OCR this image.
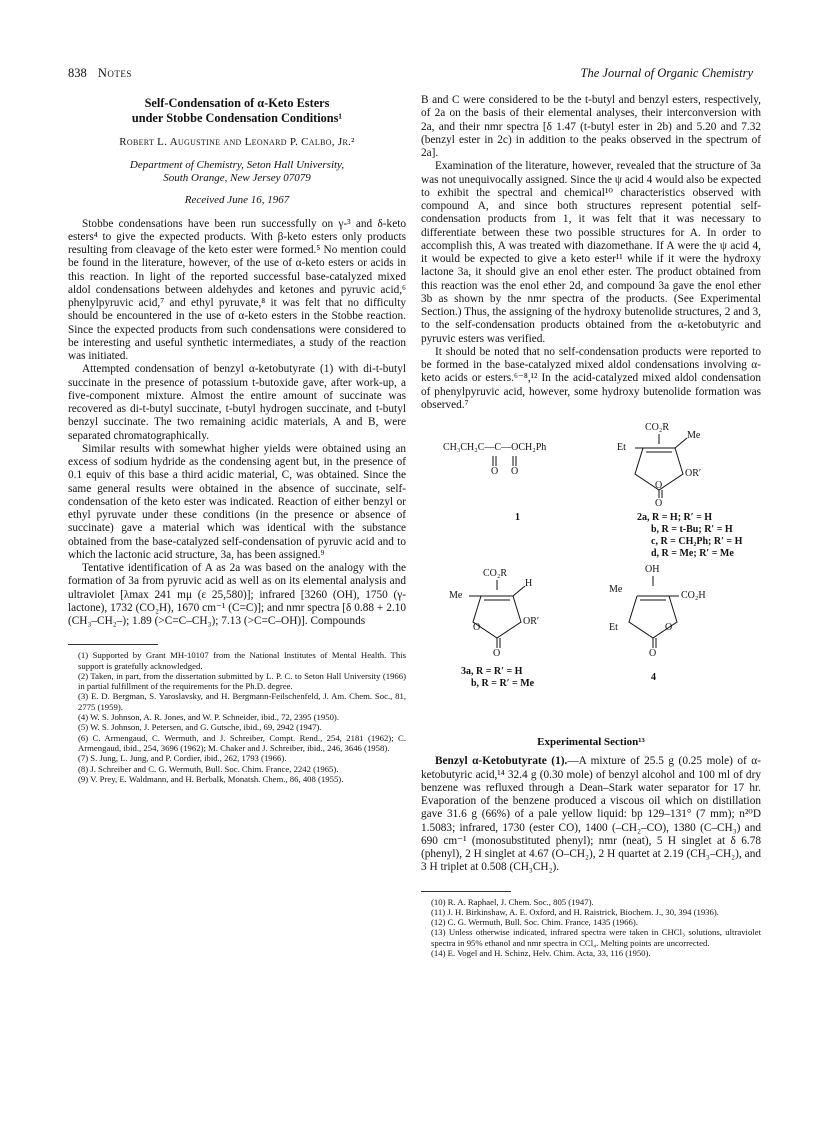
838 Notes	The Journal of Organic Chemistry
Self-Condensation of α-Keto Esters
under Stobbe Condensation Conditions¹
Robert L. Augustine and Leonard P. Calbo, Jr.²
Department of Chemistry, Seton Hall University,
South Orange, New Jersey 07079
Received June 16, 1967

Stobbe condensations have been run successfully on γ-³ and δ-keto esters⁴ to give the expected products. With β-keto esters only products resulting from cleavage of the keto ester were formed.⁵ No mention could be found in the literature, however, of the use of α-keto esters or acids in this reaction. In light of the reported successful base-catalyzed mixed aldol condensations between aldehydes and ketones and pyruvic acid,⁶ phenylpyruvic acid,⁷ and ethyl pyruvate,⁸ it was felt that no difficulty should be encountered in the use of α-keto esters in the Stobbe reaction. Since the expected products from such condensations were considered to be interesting and useful synthetic intermediates, a study of the reaction was initiated.

Attempted condensation of benzyl α-ketobutyrate (1) with di-t-butyl succinate in the presence of potassium t-butoxide gave, after work-up, a five-component mixture. Almost the entire amount of succinate was recovered as di-t-butyl succinate, t-butyl hydrogen succinate, and t-butyl benzyl succinate. The two remaining acidic materials, A and B, were separated chromatographically.

Similar results with somewhat higher yields were obtained using an excess of sodium hydride as the condensing agent but, in the presence of 0.1 equiv of this base a third acidic material, C, was obtained. Since the same general results were obtained in the absence of succinate, self-condensation of the keto ester was indicated. Reaction of either benzyl or ethyl pyruvate under these conditions (in the presence or absence of succinate) gave a material which was identical with the substance obtained from the base-catalyzed self-condensation of pyruvic acid and to which the lactonic acid structure, 3a, has been assigned.⁹

Tentative identification of A as 2a was based on the analogy with the formation of 3a from pyruvic acid as well as on its elemental analysis and ultraviolet [λmax 241 mμ (ε 25,580)]; infrared [3260 (OH), 1750 (γ-lactone), 1732 (CO₂H), 1670 cm⁻¹ (C=C)]; and nmr spectra [δ 0.88 + 2.10 (CH₃–CH₂–); 1.89 (>C=C–CH₃); 7.13 (>C=C–OH)]. Compounds

(1) Supported by Grant MH-10107 from the National Institutes of Mental Health. This support is gratefully acknowledged.
(2) Taken, in part, from the dissertation submitted by L. P. C. to Seton Hall University (1966) in partial fulfillment of the requirements for the Ph.D. degree.
(3) E. D. Bergman, S. Yaroslavsky, and H. Bergmann-Feilschenfeld, J. Am. Chem. Soc., 81, 2775 (1959).
(4) W. S. Johnson, A. R. Jones, and W. P. Schneider, ibid., 72, 2395 (1950).
(5) W. S. Johnson, J. Petersen, and G. Gutsche, ibid., 69, 2942 (1947).
(6) C. Armengaud, C. Wermuth, and J. Schreiber, Compt. Rend., 254, 2181 (1962); C. Armengaud, ibid., 254, 3696 (1962); M. Chaker and J. Schreiber, ibid., 246, 3646 (1958).
(7) S. Jung, L. Jung, and P. Cordier, ibid., 262, 1793 (1966).
(8) J. Schreiber and C. G. Wermuth, Bull. Soc. Chim. France, 2242 (1965).
(9) V. Prey, E. Waldmann, and H. Berbalk, Monatsh. Chem., 86, 408 (1955).

B and C were considered to be the t-butyl and benzyl esters, respectively, of 2a on the basis of their elemental analyses, their interconversion with 2a, and their nmr spectra [δ 1.47 (t-butyl ester in 2b) and 5.20 and 7.32 (benzyl ester in 2c) in addition to the peaks observed in the spectrum of 2a].

Examination of the literature, however, revealed that the structure of 3a was not unequivocally assigned. Since the ψ acid 4 would also be expected to exhibit the spectral and chemical¹⁰ characteristics observed with compound A, and since both structures represent potential self-condensation products from 1, it was felt that it was necessary to differentiate between these two possible structures for A. In order to accomplish this, A was treated with diazomethane. If A were the ψ acid 4, it would be expected to give a keto ester¹¹ while if it were the hydroxy lactone 3a, it should give an enol ether ester. The product obtained from this reaction was the enol ether 2d, and compound 3a gave the enol ether 3b as shown by the nmr spectra of the products. (See Experimental Section.) Thus, the assigning of the hydroxy butenolide structures, 2 and 3, to the self-condensation products obtained from the α-ketobutyric and pyruvic esters was verified.

It should be noted that no self-condensation products were reported to be formed in the base-catalyzed mixed aldol condensations involving α-keto acids or esters.⁶⁻⁸,¹² In the acid-catalyzed mixed aldol condensation of phenylpyruvic acid, however, some hydroxy butenolide formation was observed.⁷

CH₃CH₂C—C—OCH₂Ph
O O
1
CO₂R
Me
Et
OR′
O
O
2a, R = H; R′ = H
b, R = t-Bu; R′ = H
c, R = CH₂Ph; R′ = H
d, R = Me; R′ = Me
CO₂R
H
Me
OR′
O
O
3a, R = R′ = H
b, R = R′ = Me
OH
Me
CO₂H
Et	O
O
4
Experimental Section¹³

Benzyl α-Ketobutyrate (1).—A mixture of 25.5 g (0.25 mole) of α-ketobutyric acid,¹⁴ 32.4 g (0.30 mole) of benzyl alcohol and 100 ml of dry benzene was refluxed through a Dean–Stark water separator for 17 hr. Evaporation of the benzene produced a viscous oil which on distillation gave 31.6 g (66%) of a pale yellow liquid: bp 129–131° (7 mm); n²⁰D 1.5083; infrared, 1730 (ester CO), 1400 (–CH₂–CO), 1380 (C–CH₃) and 690 cm⁻¹ (monosubstituted phenyl); nmr (neat), 5 H singlet at δ 6.78 (phenyl), 2 H singlet at 4.67 (O–CH₂), 2 H quartet at 2.19 (CH₃–CH₂), and 3 H triplet at 0.508 (CH₃CH₂).

(10) R. A. Raphael, J. Chem. Soc., 805 (1947).
(11) J. H. Birkinshaw, A. E. Oxford, and H. Raistrick, Biochem. J., 30, 394 (1936).
(12) C. G. Wermuth, Bull. Soc. Chim. France, 1435 (1966).
(13) Unless otherwise indicated, infrared spectra were taken in CHCl₃ solutions, ultraviolet spectra in 95% ethanol and nmr spectra in CCl₄. Melting points are uncorrected.
(14) E. Vogel and H. Schinz, Helv. Chim. Acta, 33, 116 (1950).
